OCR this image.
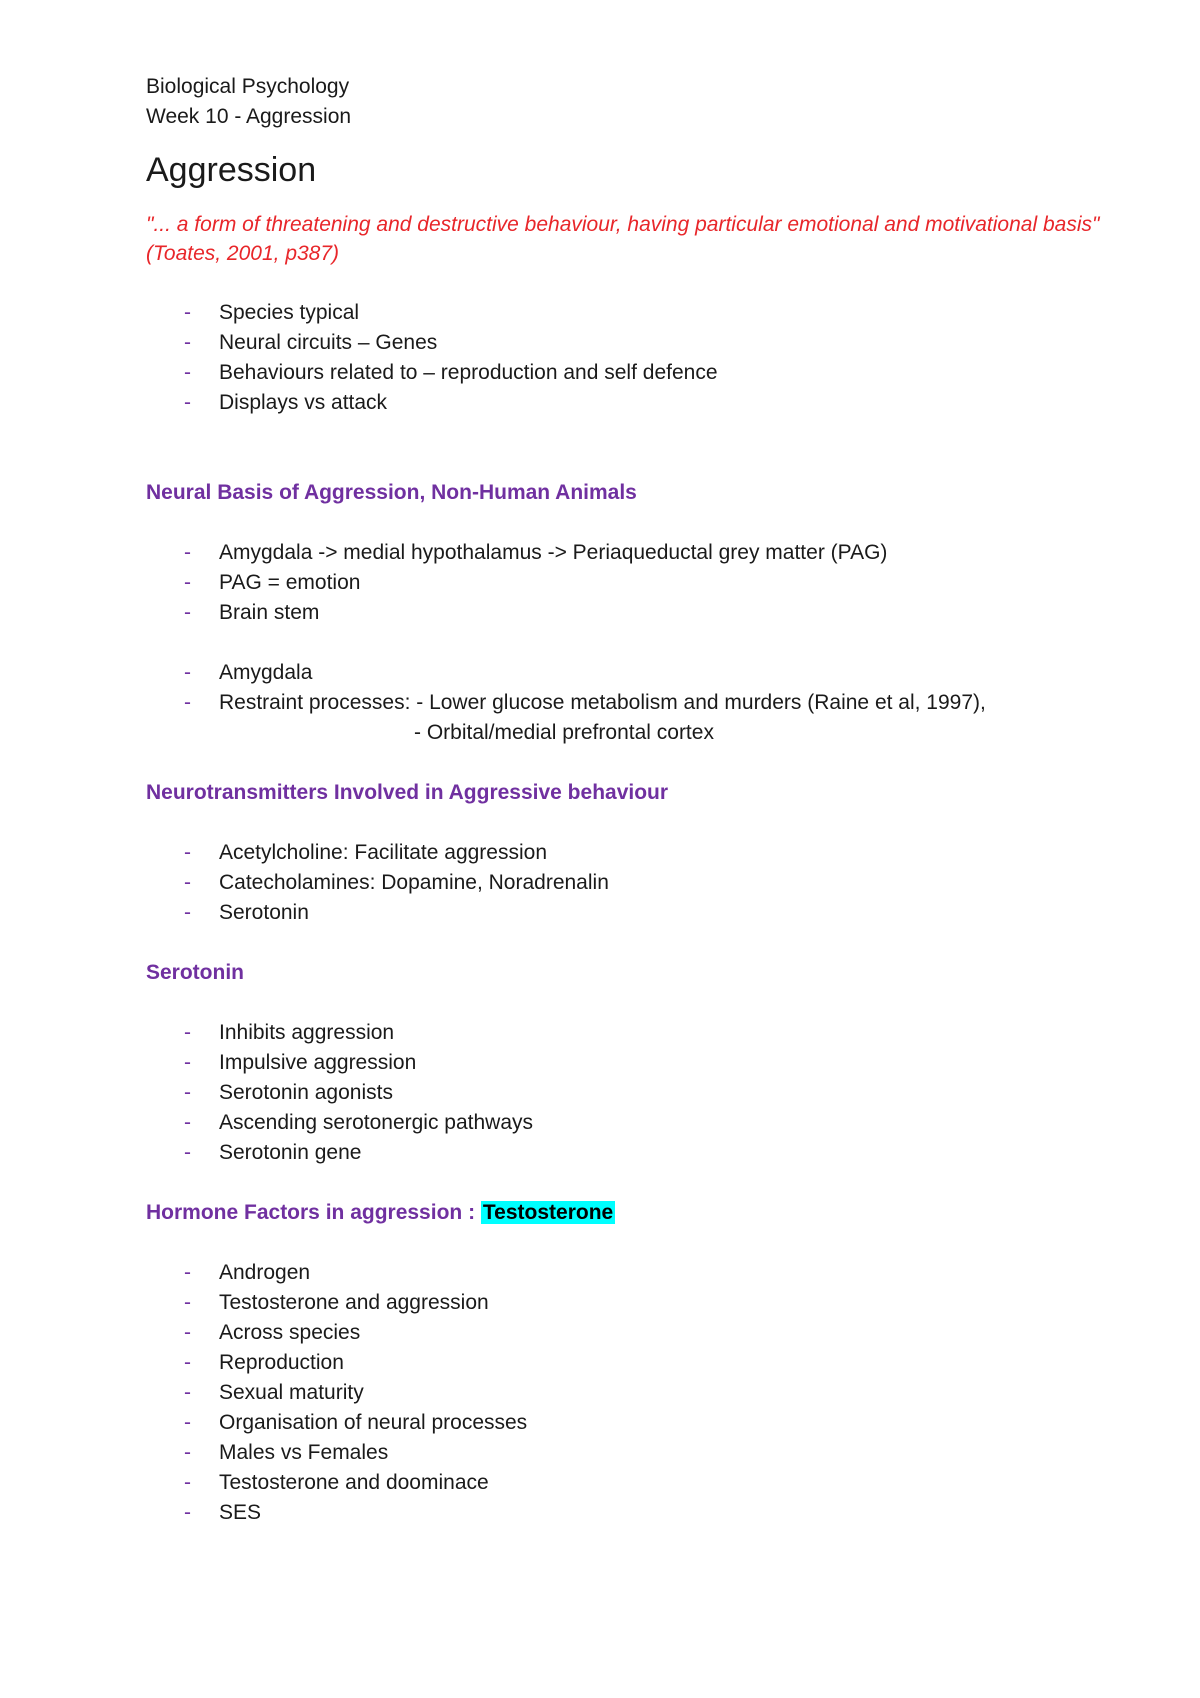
Biological Psychology

Week 10 - Aggression

Aggression

"... a form of threatening and destructive behaviour, having particular emotional and motivational basis" (Toates, 2001, p387)

- Species typical
- Neural circuits – Genes
- Behaviours related to – reproduction and self defence
- Displays vs attack
Neural Basis of Aggression, Non-Human Animals
- Amygdala -> medial hypothalamus -> Periaqueductal grey matter (PAG)
- PAG = emotion
- Brain stem
- Amygdala
- Restraint processes: - Lower glucose metabolism and murders (Raine et al, 1997),
- Orbital/medial prefrontal cortex
Neurotransmitters Involved in Aggressive behaviour
- Acetylcholine: Facilitate aggression
- Catecholamines: Dopamine, Noradrenalin
- Serotonin
Serotonin
- Inhibits aggression
- Impulsive aggression
- Serotonin agonists
- Ascending serotonergic pathways
- Serotonin gene
Hormone Factors in aggression : Testosterone
- Androgen
- Testosterone and aggression
- Across species
- Reproduction
- Sexual maturity
- Organisation of neural processes
- Males vs Females
- Testosterone and doominace
- SES
